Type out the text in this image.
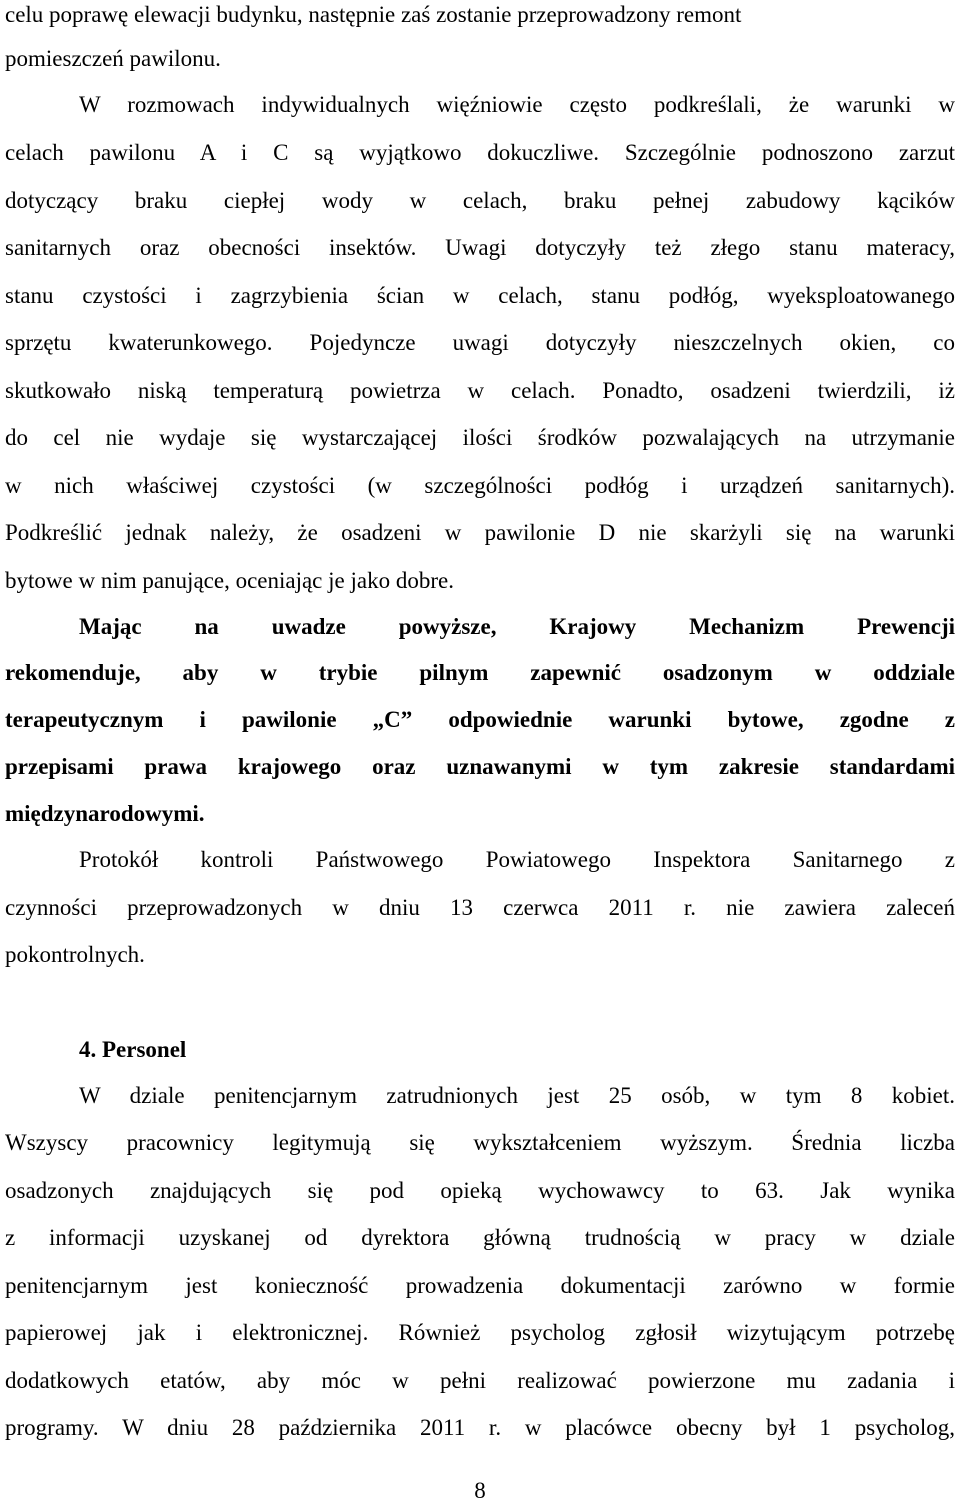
celu poprawę elewacji budynku, następnie zaś zostanie przeprowadzony remont
pomieszczeń pawilonu.
W rozmowach indywidualnych więźniowie często podkreślali, że warunki w
celach pawilonu A i C są wyjątkowo dokuczliwe. Szczególnie podnoszono zarzut
dotyczący braku ciepłej wody w celach, braku pełnej zabudowy kącików
sanitarnych oraz obecności insektów. Uwagi dotyczyły też złego stanu materacy,
stanu czystości i zagrzybienia ścian w celach, stanu podłóg, wyeksploatowanego
sprzętu kwaterunkowego. Pojedyncze uwagi dotyczyły nieszczelnych okien, co
skutkowało niską temperaturą powietrza w celach. Ponadto, osadzeni twierdzili, iż
do cel nie wydaje się wystarczającej ilości środków pozwalających na utrzymanie
w nich właściwej czystości (w szczególności podłóg i urządzeń sanitarnych).
Podkreślić jednak należy, że osadzeni w pawilonie D nie skarżyli się na warunki
bytowe w nim panujące, oceniając je jako dobre.
Mając na uwadze powyższe, Krajowy Mechanizm Prewencji
rekomenduje, aby w trybie pilnym zapewnić osadzonym w oddziale
terapeutycznym i pawilonie „C” odpowiednie warunki bytowe, zgodne z
przepisami prawa krajowego oraz uznawanymi w tym zakresie standardami
międzynarodowymi.
Protokół kontroli Państwowego Powiatowego Inspektora Sanitarnego z
czynności przeprowadzonych w dniu 13 czerwca 2011 r. nie zawiera zaleceń
pokontrolnych.
4. Personel
W dziale penitencjarnym zatrudnionych jest 25 osób, w tym 8 kobiet.
Wszyscy pracownicy legitymują się wykształceniem wyższym. Średnia liczba
osadzonych znajdujących się pod opieką wychowawcy to 63. Jak wynika
z informacji uzyskanej od dyrektora główną trudnością w pracy w dziale
penitencjarnym jest konieczność prowadzenia dokumentacji zarówno w formie
papierowej jak i elektronicznej. Również psycholog zgłosił wizytującym potrzebę
dodatkowych etatów, aby móc w pełni realizować powierzone mu zadania i
programy. W dniu 28 października 2011 r. w placówce obecny był 1 psycholog,
8
